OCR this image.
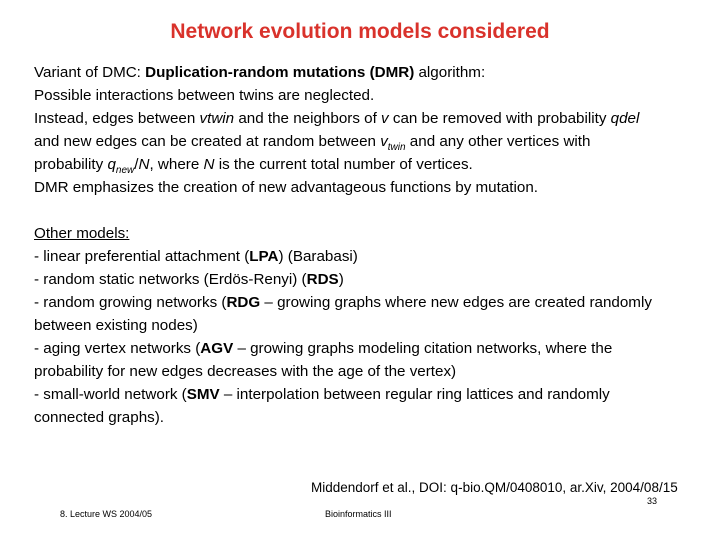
Network evolution models considered
Variant of DMC: Duplication-random mutations (DMR) algorithm:
Possible interactions between twins are neglected.
Instead, edges between vtwin and the neighbors of v can be removed with probability qdel
and new edges can be created at random between $v_{twin}$ and any other vertices with
probability $q_{new}/N$, where N is the current total number of vertices.
DMR emphasizes the creation of new advantageous functions by mutation.
Other models:
- linear preferential attachment (LPA) (Barabasi)
- random static networks (Erdös-Renyi) (RDS)
- random growing networks (RDG – growing graphs where new edges are created randomly
between existing nodes)
- aging vertex networks (AGV – growing graphs modeling citation networks, where the
probability for new edges decreases with the age of the vertex)
- small-world network (SMV – interpolation between regular ring lattices and randomly
connected graphs).
Middendorf et al., DOI: q-bio.QM/0408010, ar.Xiv, 2004/08/15
33
8. Lecture WS 2004/05	Bioinformatics III
